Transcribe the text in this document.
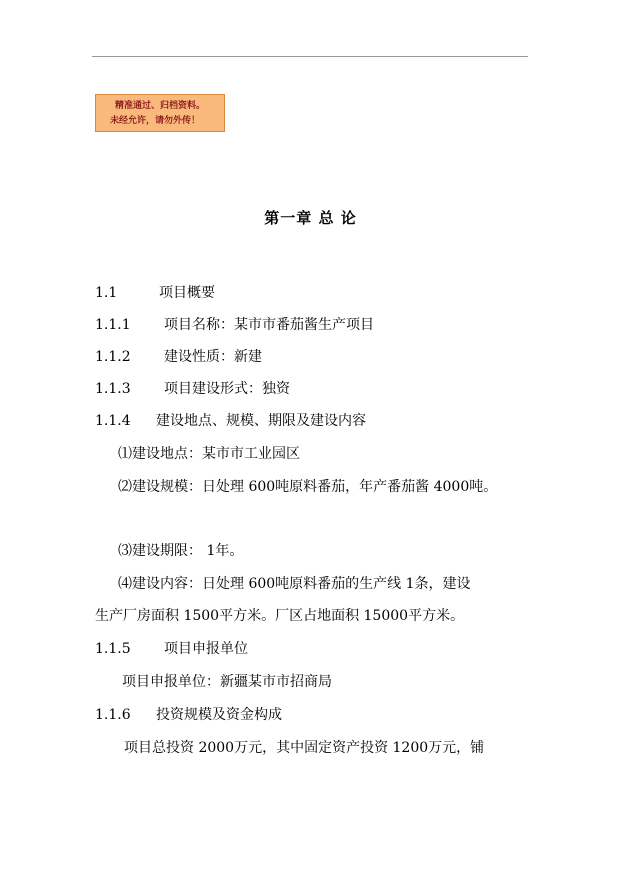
精准通过、归档资料。
未经允许，请勿外传！
第一章 总 论
1.1	项目概要
1.1.1 项目名称：某市市番茄酱生产项目
1.1.2 建设性质：新建
1.1.3 项目建设形式：独资
1.1.4 建设地点、规模、期限及建设内容
⑴建设地点：某市市工业园区
⑵建设规模：日处理 600吨原料番茄，年产番茄酱 4000吨。
⑶建设期限： 1年。
⑷建设内容：日处理 600吨原料番茄的生产线 1条，建设
生产厂房面积 1500平方米。厂区占地面积 15000平方米。
1.1.5 项目申报单位
项目申报单位：新疆某市市招商局
1.1.6 投资规模及资金构成
项目总投资 2000万元，其中固定资产投资 1200万元，铺
